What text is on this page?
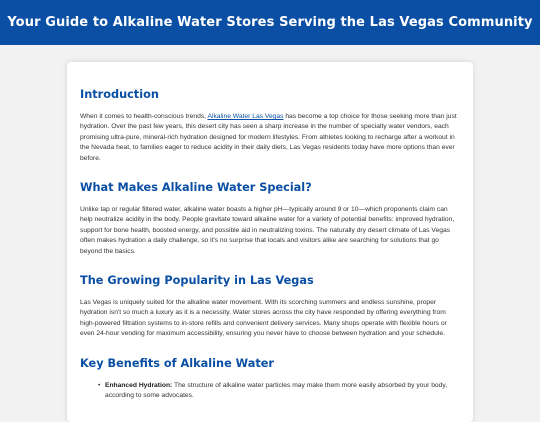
Your Guide to Alkaline Water Stores Serving the Las Vegas Community
Introduction

When it comes to health-conscious trends, Alkaline Water Las Vegas has become a top choice for those seeking more than just hydration. Over the past few years, this desert city has seen a sharp increase in the number of specialty water vendors, each promising ultra-pure, mineral-rich hydration designed for modern lifestyles. From athletes looking to recharge after a workout in the Nevada heat, to families eager to reduce acidity in their daily diets, Las Vegas residents today have more options than ever before.

What Makes Alkaline Water Special?

Unlike tap or regular filtered water, alkaline water boasts a higher pH—typically around 9 or 10—which proponents claim can help neutralize acidity in the body. People gravitate toward alkaline water for a variety of potential benefits: improved hydration, support for bone health, boosted energy, and possible aid in neutralizing toxins. The naturally dry desert climate of Las Vegas often makes hydration a daily challenge, so it's no surprise that locals and visitors alike are searching for solutions that go beyond the basics.

The Growing Popularity in Las Vegas

Las Vegas is uniquely suited for the alkaline water movement. With its scorching summers and endless sunshine, proper hydration isn't so much a luxury as it is a necessity. Water stores across the city have responded by offering everything from high-powered filtration systems to in-store refills and convenient delivery services. Many shops operate with flexible hours or even 24-hour vending for maximum accessibility, ensuring you never have to choose between hydration and your schedule.

Key Benefits of Alkaline Water
• Enhanced Hydration: The structure of alkaline water particles may make them more easily absorbed by your body, according to some advocates.
